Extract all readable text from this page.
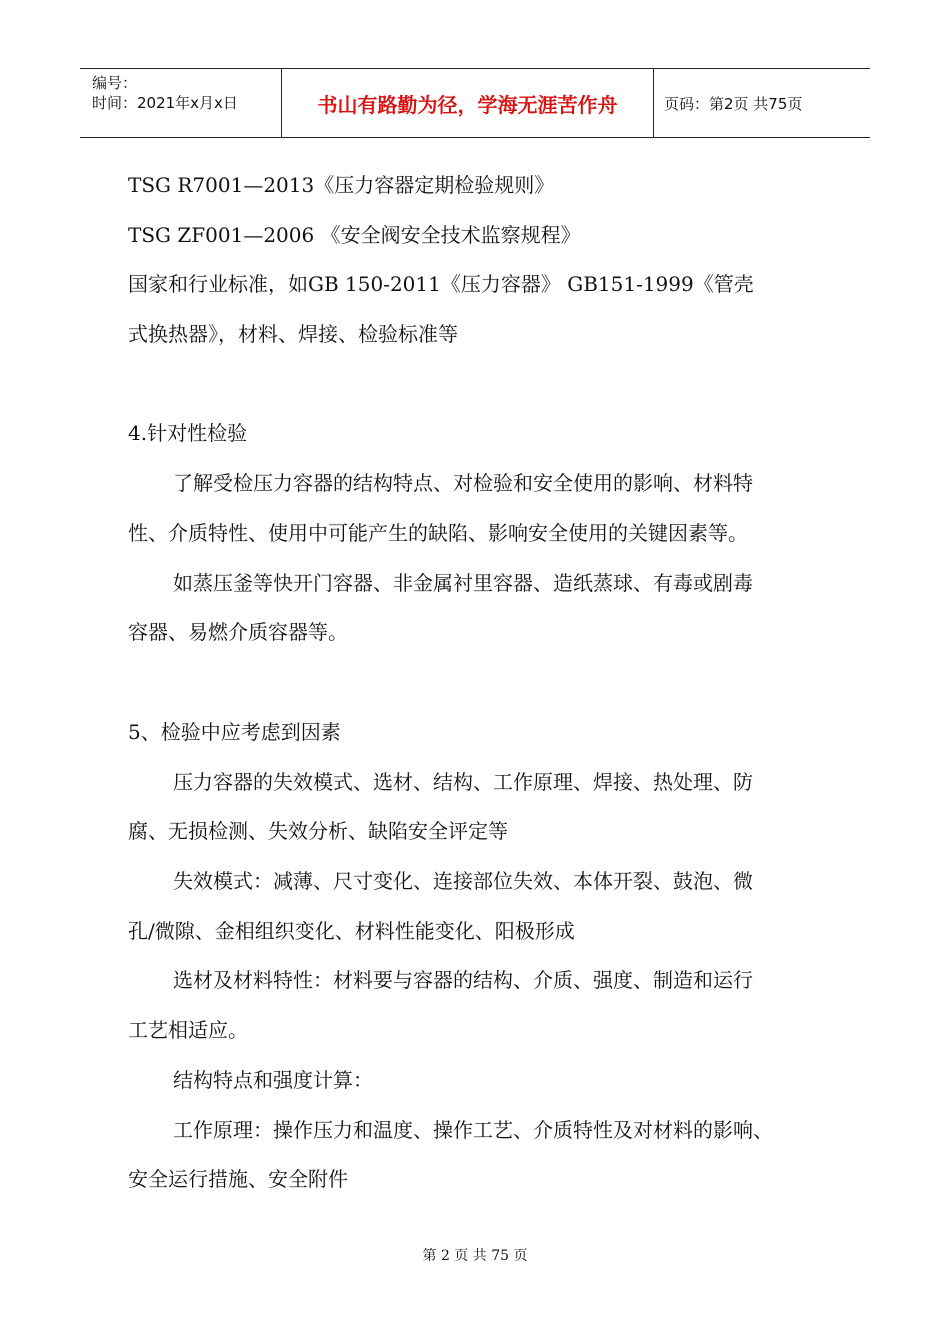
编号：
时间：2021年x月x日	书山有路勤为径，学海无涯苦作舟	页码：第2页 共75页
TSG R7001—2013《压力容器定期检验规则》
TSG ZF001—2006 《安全阀安全技术监察规程》
国家和行业标准，如GB 150-2011《压力容器》 GB151-1999《管壳
式换热器》，材料、焊接、检验标准等
4.针对性检验
了解受检压力容器的结构特点、对检验和安全使用的影响、材料特
性、介质特性、使用中可能产生的缺陷、影响安全使用的关键因素等。
如蒸压釜等快开门容器、非金属衬里容器、造纸蒸球、有毒或剧毒
容器、易燃介质容器等。
5、检验中应考虑到因素
压力容器的失效模式、选材、结构、工作原理、焊接、热处理、防
腐、无损检测、失效分析、缺陷安全评定等
失效模式：减薄、尺寸变化、连接部位失效、本体开裂、鼓泡、微
孔/微隙、金相组织变化、材料性能变化、阳极形成
选材及材料特性：材料要与容器的结构、介质、强度、制造和运行
工艺相适应。
结构特点和强度计算：
工作原理：操作压力和温度、操作工艺、介质特性及对材料的影响、
安全运行措施、安全附件
第 2 页 共 75 页
